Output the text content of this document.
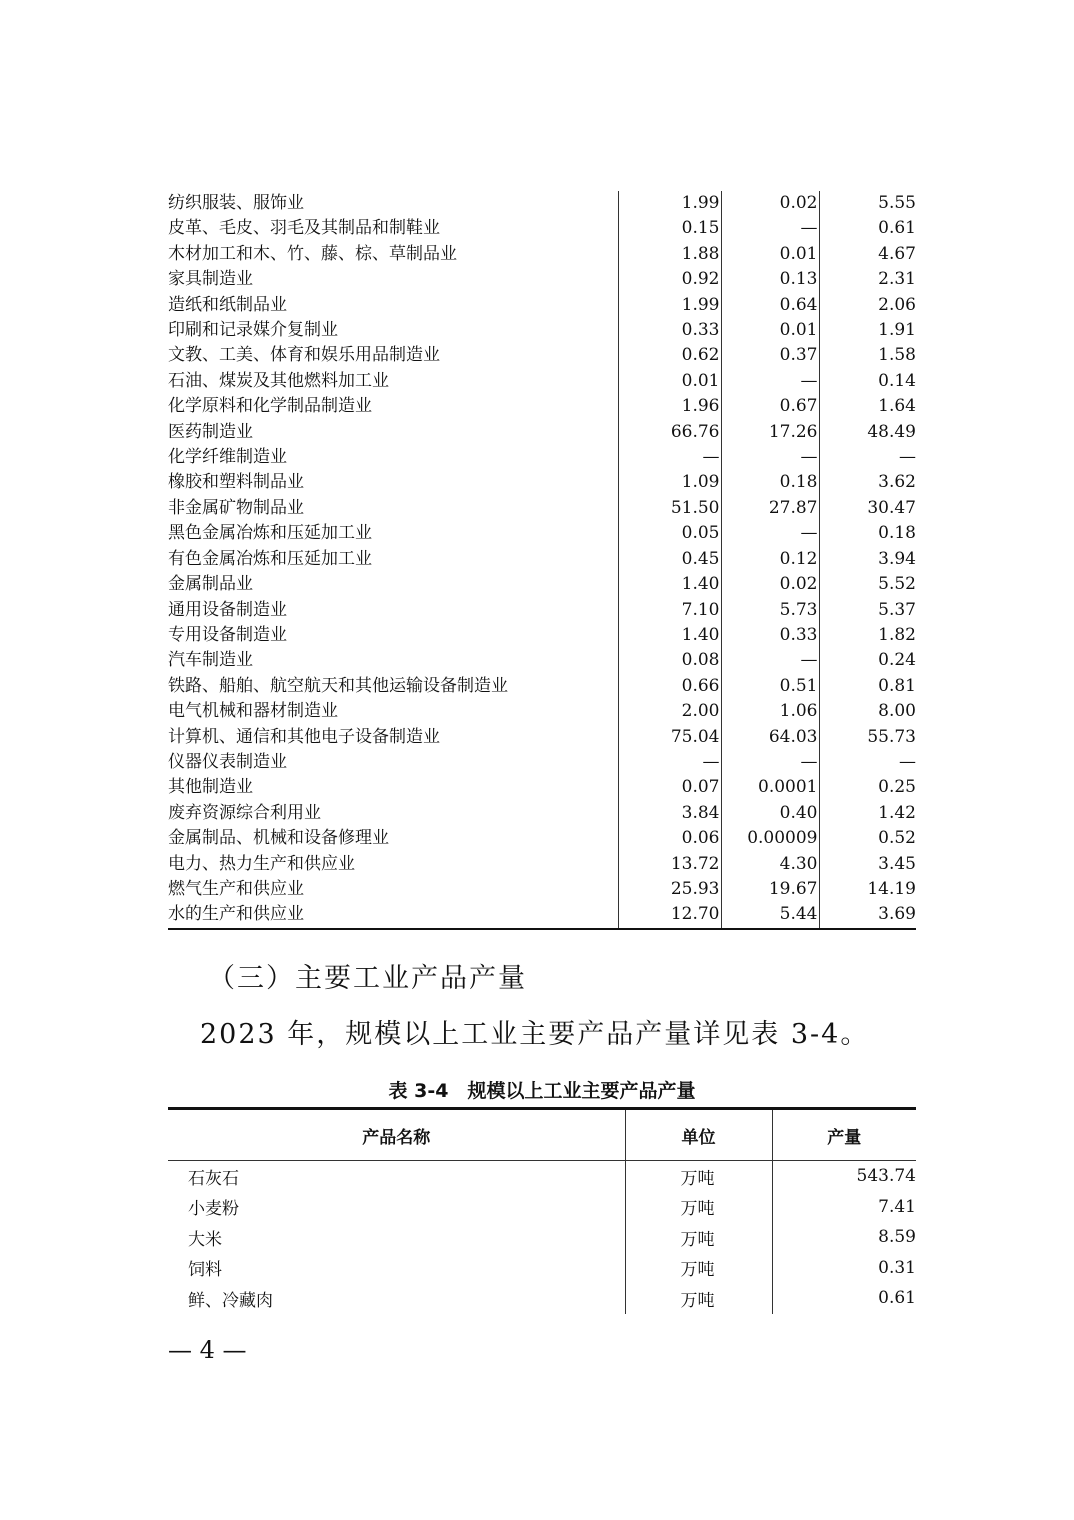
纺织服装、服饰业	1.99	0.02	5.55
皮革、毛皮、羽毛及其制品和制鞋业	0.15	—	0.61
木材加工和木、竹、藤、棕、草制品业	1.88	0.01	4.67
家具制造业	0.92	0.13	2.31
造纸和纸制品业	1.99	0.64	2.06
印刷和记录媒介复制业	0.33	0.01	1.91
文教、工美、体育和娱乐用品制造业	0.62	0.37	1.58
石油、煤炭及其他燃料加工业	0.01	—	0.14
化学原料和化学制品制造业	1.96	0.67	1.64
医药制造业	66.76	17.26	48.49
化学纤维制造业	—	—	—
橡胶和塑料制品业	1.09	0.18	3.62
非金属矿物制品业	51.50	27.87	30.47
黑色金属冶炼和压延加工业	0.05	—	0.18
有色金属冶炼和压延加工业	0.45	0.12	3.94
金属制品业	1.40	0.02	5.52
通用设备制造业	7.10	5.73	5.37
专用设备制造业	1.40	0.33	1.82
汽车制造业	0.08	—	0.24
铁路、船舶、航空航天和其他运输设备制造业	0.66	0.51	0.81
电气机械和器材制造业	2.00	1.06	8.00
计算机、通信和其他电子设备制造业	75.04	64.03	55.73
仪器仪表制造业	—	—	—
其他制造业	0.07	0.0001	0.25
废弃资源综合利用业	3.84	0.40	1.42
金属制品、机械和设备修理业	0.06	0.00009	0.52
电力、热力生产和供应业	13.72	4.30	3.45
燃气生产和供应业	25.93	19.67	14.19
水的生产和供应业	12.70	5.44	3.69
（三）主要工业产品产量

2023 年，规模以上工业主要产品产量详见表 3-4。

表 3-4　规模以上工业主要产品产量
产品名称	单位	产量
石灰石	万吨	543.74
小麦粉	万吨	7.41
大米	万吨	8.59
饲料	万吨	0.31
鲜、冷藏肉	万吨	0.61
— 4 —
